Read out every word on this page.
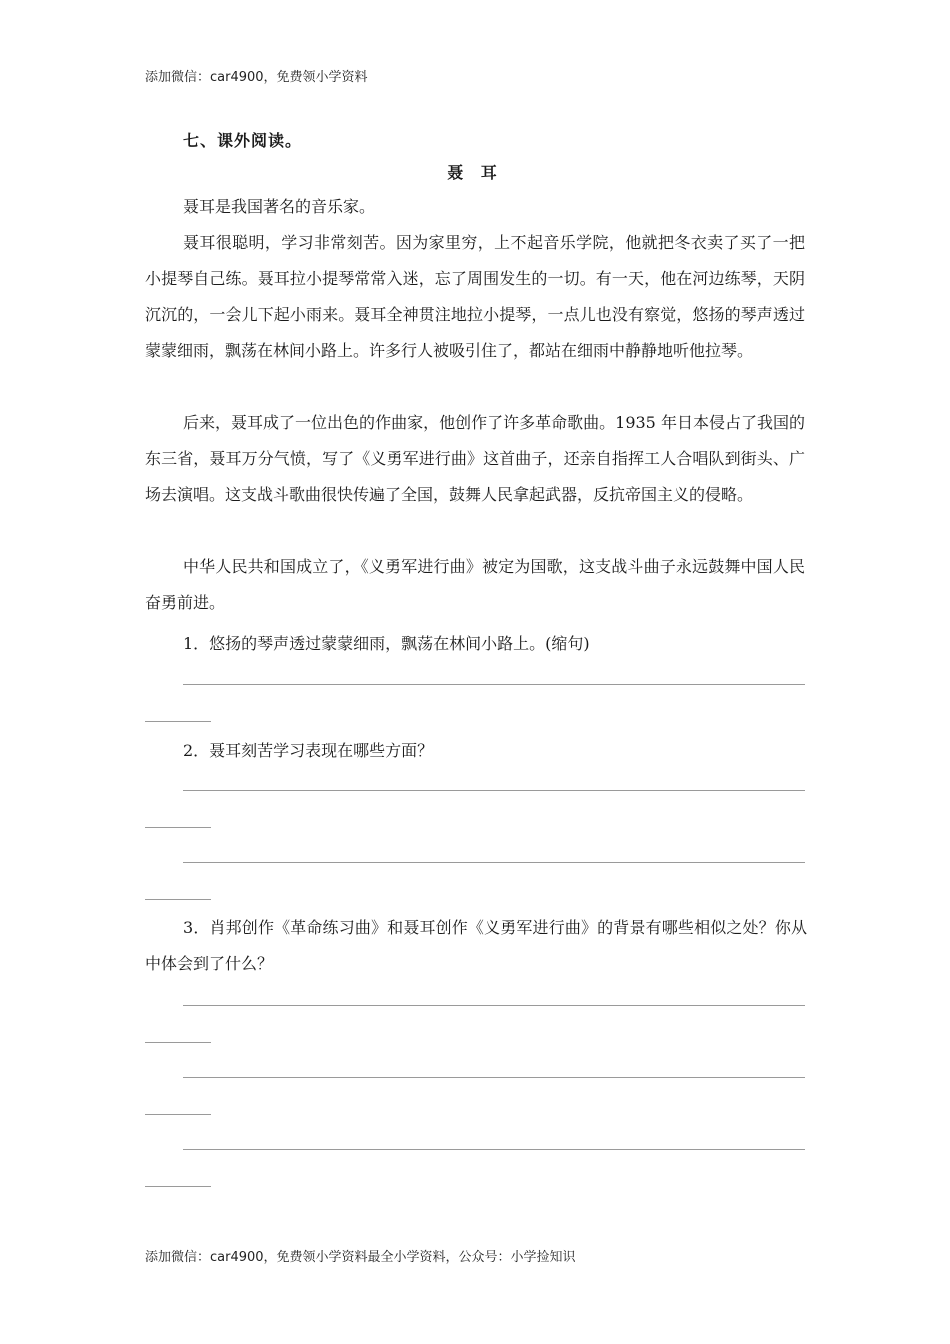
添加微信：car4900，免费领小学资料
七、课外阅读。
聂 耳

聂耳是我国著名的音乐家。

聂耳很聪明，学习非常刻苦。因为家里穷，上不起音乐学院，他就把冬衣卖了买了一把小提琴自己练。聂耳拉小提琴常常入迷，忘了周围发生的一切。有一天，他在河边练琴，天阴沉沉的，一会儿下起小雨来。聂耳全神贯注地拉小提琴，一点儿也没有察觉，悠扬的琴声透过蒙蒙细雨，飘荡在林间小路上。许多行人被吸引住了，都站在细雨中静静地听他拉琴。

后来，聂耳成了一位出色的作曲家，他创作了许多革命歌曲。1935 年日本侵占了我国的东三省，聂耳万分气愤，写了《义勇军进行曲》这首曲子，还亲自指挥工人合唱队到街头、广场去演唱。这支战斗歌曲很快传遍了全国，鼓舞人民拿起武器，反抗帝国主义的侵略。

中华人民共和国成立了，《义勇军进行曲》被定为国歌，这支战斗曲子永远鼓舞中国人民奋勇前进。

1．悠扬的琴声透过蒙蒙细雨，飘荡在林间小路上。(缩句)

2．聂耳刻苦学习表现在哪些方面？

3．肖邦创作《革命练习曲》和聂耳创作《义勇军进行曲》的背景有哪些相似之处？你从中体会到了什么？

添加微信：car4900，免费领小学资料最全小学资料，公众号：小学捡知识
